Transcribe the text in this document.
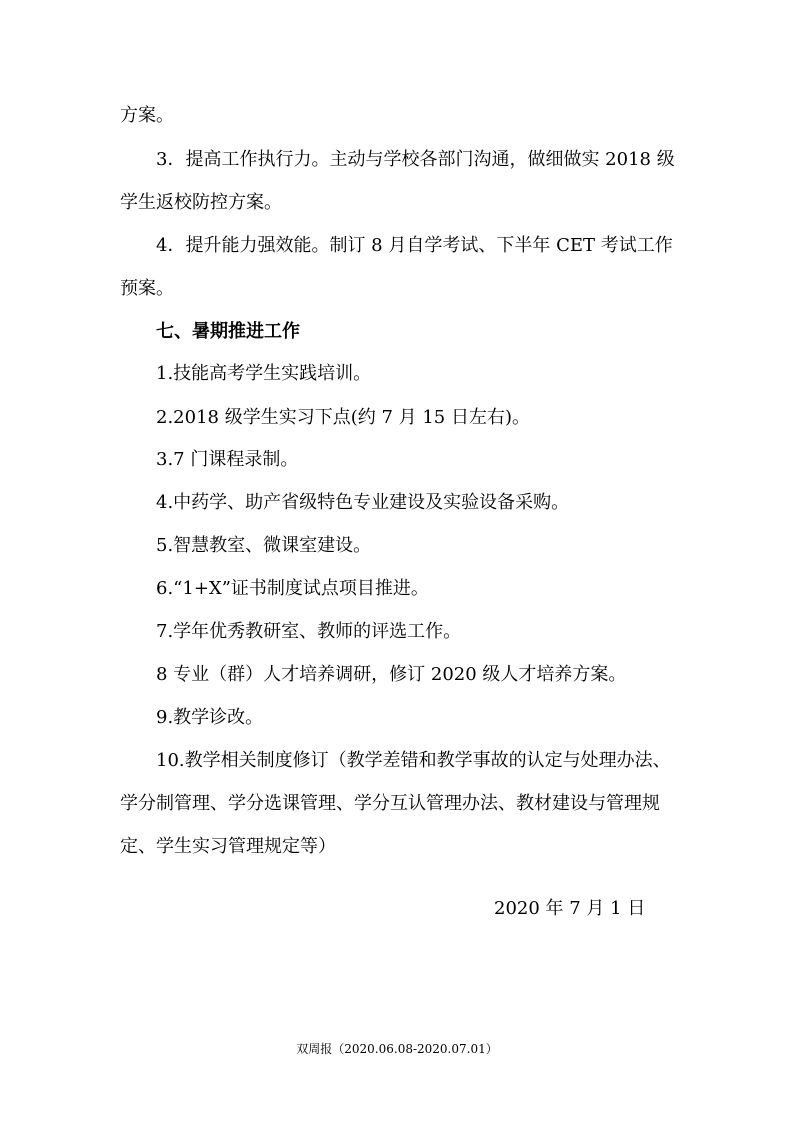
方案。
3．提高工作执行力。主动与学校各部门沟通，做细做实 2018 级
学生返校防控方案。
4．提升能力强效能。制订 8 月自学考试、下半年 CET 考试工作
预案。
七、暑期推进工作
1.技能高考学生实践培训。
2.2018 级学生实习下点(约 7 月 15 日左右)。
3.7 门课程录制。
4.中药学、助产省级特色专业建设及实验设备采购。
5.智慧教室、微课室建设。
6.“1+X”证书制度试点项目推进。
7.学年优秀教研室、教师的评选工作。
8 专业（群）人才培养调研，修订 2020 级人才培养方案。
9.教学诊改。
10.教学相关制度修订（教学差错和教学事故的认定与处理办法、
学分制管理、学分选课管理、学分互认管理办法、教材建设与管理规
定、学生实习管理规定等）
2020 年 7 月 1 日
双周报（2020.06.08-2020.07.01）
